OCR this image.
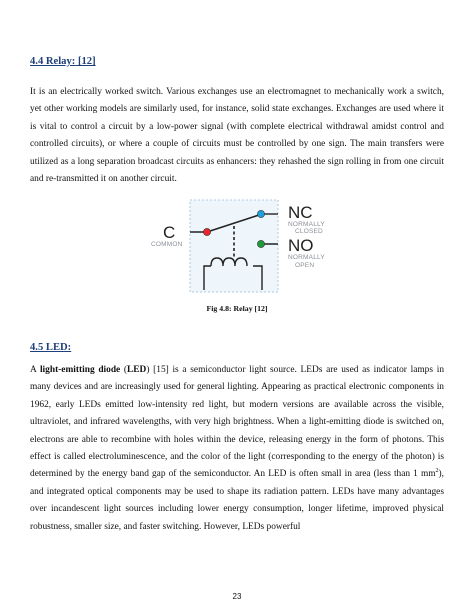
4.4 Relay: [12]

It is an electrically worked switch. Various exchanges use an electromagnet to mechanically work a switch, yet other working models are similarly used, for instance, solid state exchanges. Exchanges are used where it is vital to control a circuit by a low-power signal (with complete electrical withdrawal amidst control and controlled circuits), or where a couple of circuits must be controlled by one sign. The main transfers were utilized as a long separation broadcast circuits as enhancers: they rehashed the sign rolling in from one circuit and re-transmitted it on another circuit.

C
COMMON
NC
NORMALLY
CLOSED
NO
NORMALLY
OPEN

Fig 4.8: Relay [12]

4.5 LED:

A light-emitting diode (LED) [15] is a semiconductor light source. LEDs are used as indicator lamps in many devices and are increasingly used for general lighting. Appearing as practical electronic components in 1962, early LEDs emitted low-intensity red light, but modern versions are available across the visible, ultraviolet, and infrared wavelengths, with very high brightness. When a light-emitting diode is switched on, electrons are able to recombine with holes within the device, releasing energy in the form of photons. This effect is called electroluminescence, and the color of the light (corresponding to the energy of the photon) is determined by the energy band gap of the semiconductor. An LED is often small in area (less than 1 $mm^2$), and integrated optical components may be used to shape its radiation pattern. LEDs have many advantages over incandescent light sources including lower energy consumption, longer lifetime, improved physical robustness, smaller size, and faster switching. However, LEDs powerful

23
